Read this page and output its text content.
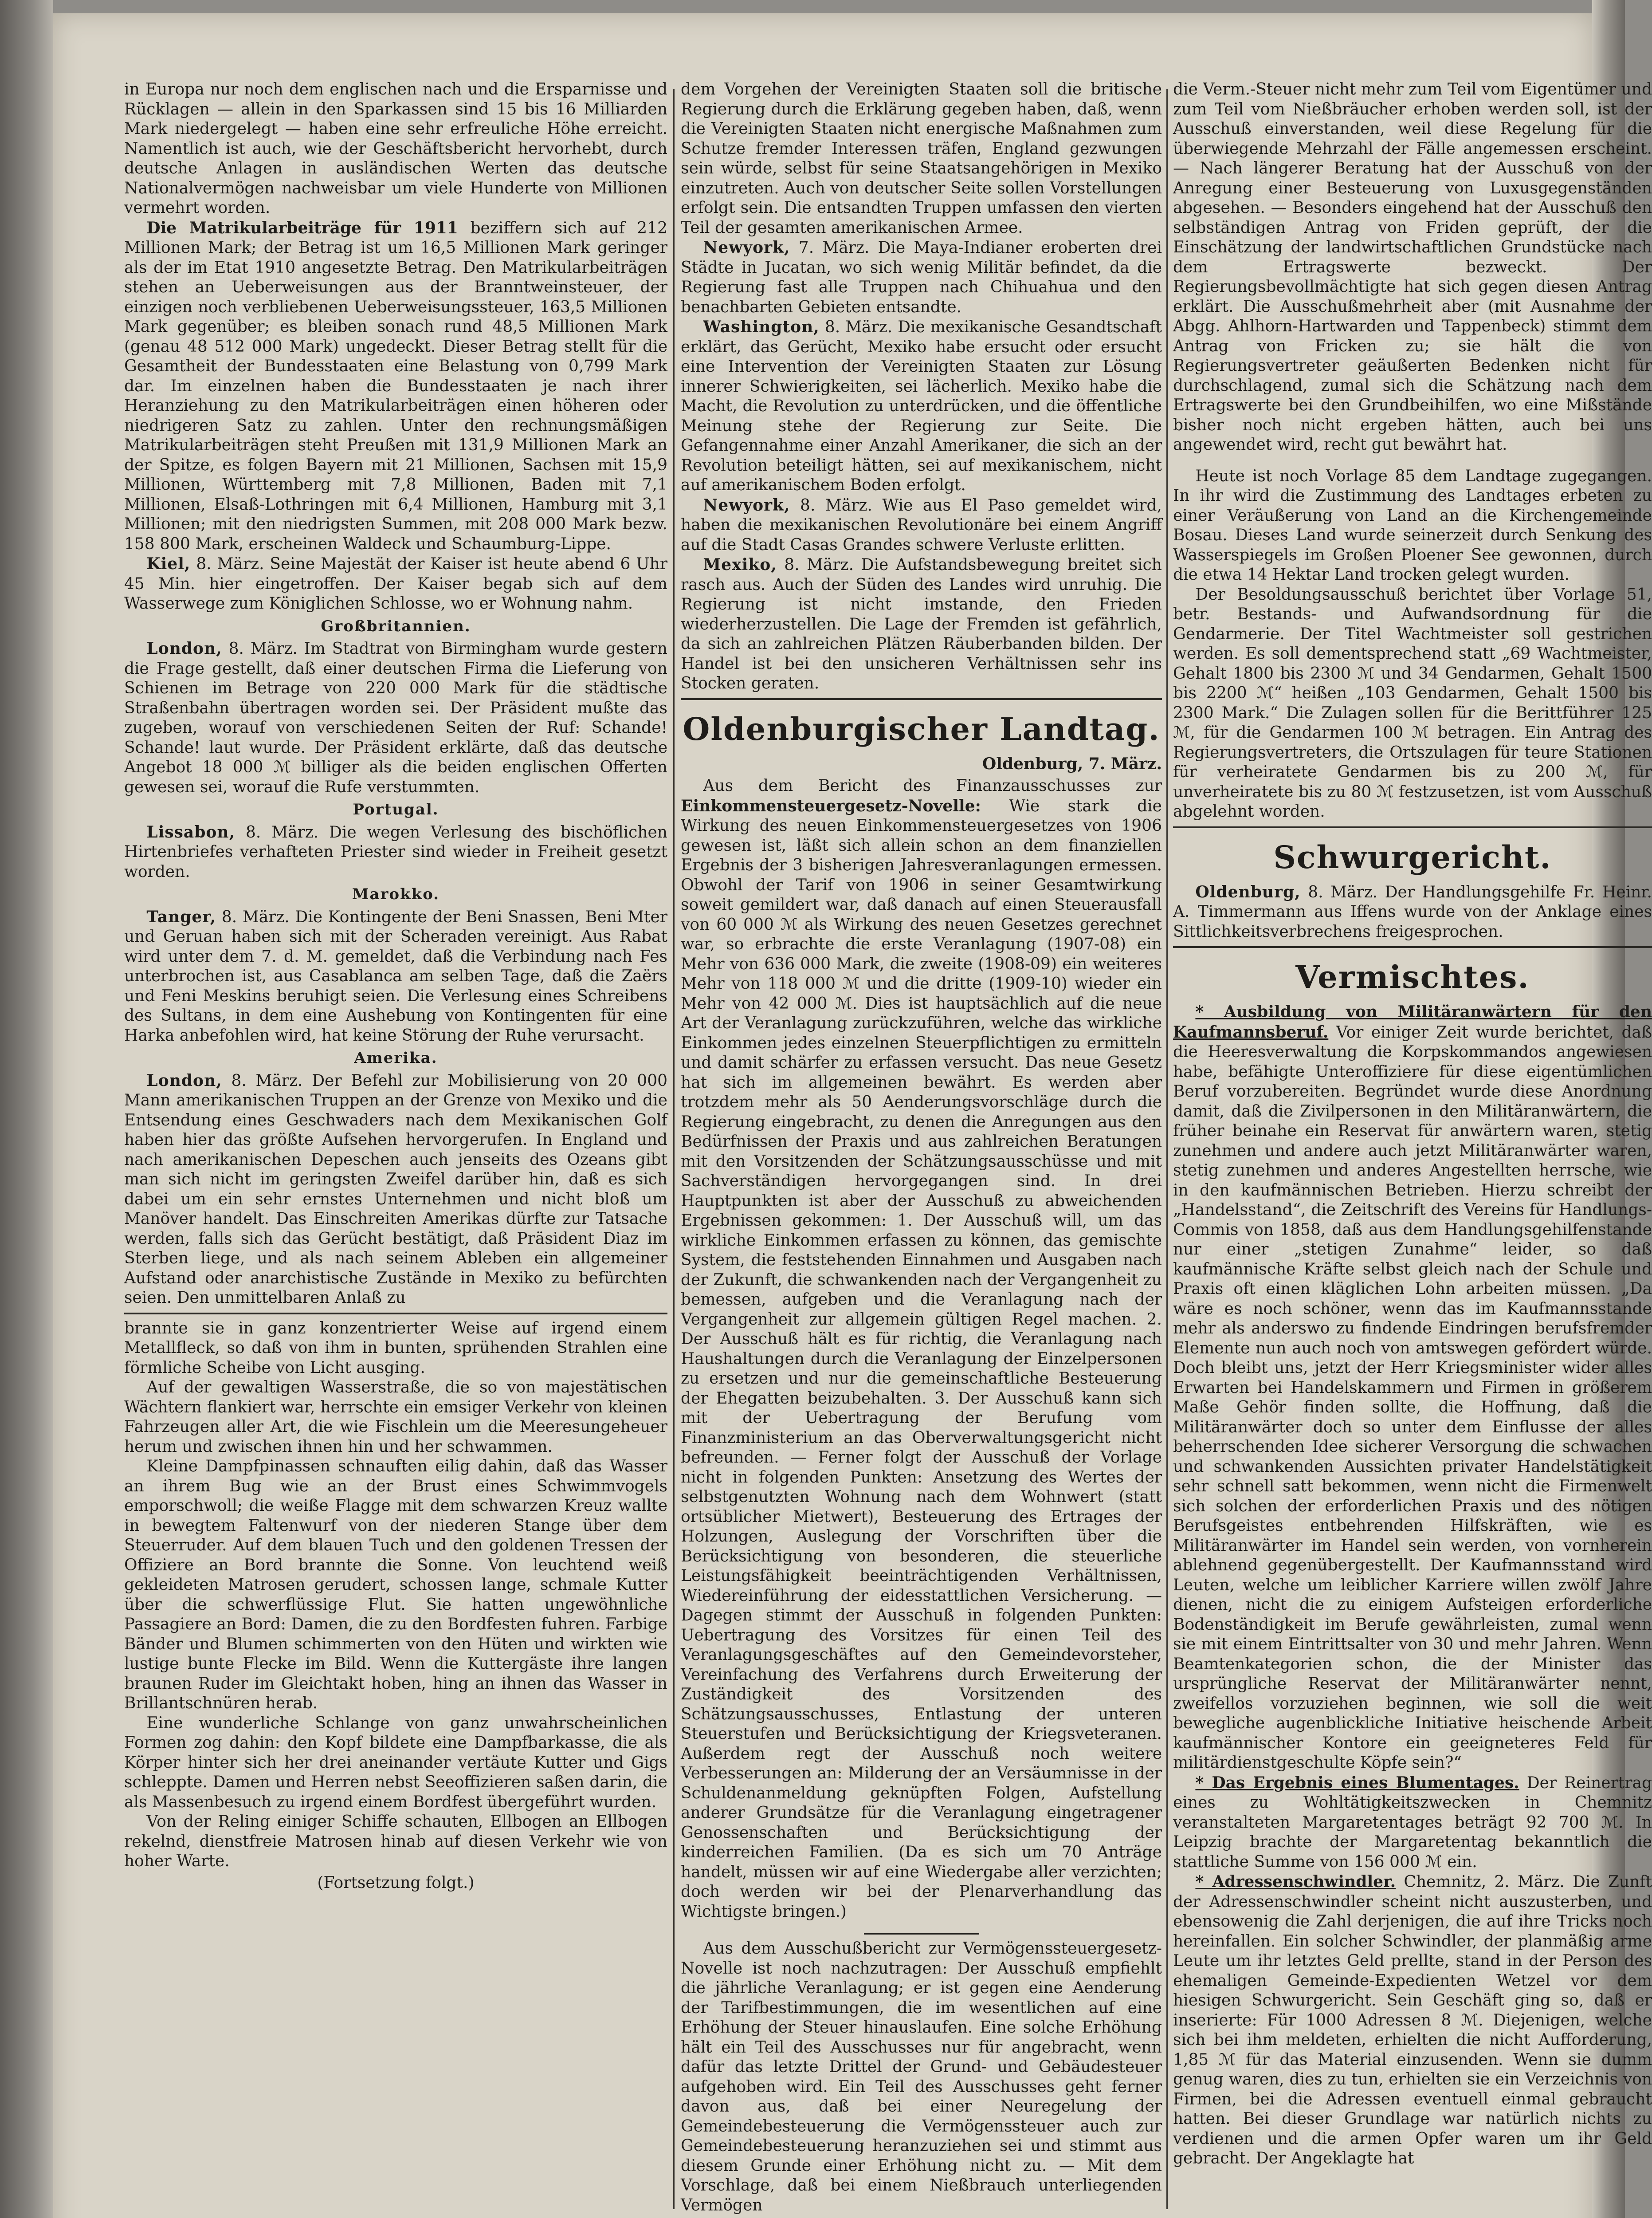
in Europa nur noch dem englischen nach und die Ersparnisse und Rücklagen — allein in den Sparkassen sind 15 bis 16 Milliarden Mark niedergelegt — haben eine sehr erfreuliche Höhe erreicht. Namentlich ist auch, wie der Geschäftsbericht hervorhebt, durch deutsche Anlagen in ausländischen Werten das deutsche Nationalvermögen nachweisbar um viele Hunderte von Millionen vermehrt worden.

Die Matrikularbeiträge für 1911 beziffern sich auf 212 Millionen Mark; der Betrag ist um 16,5 Millionen Mark geringer als der im Etat 1910 angesetzte Betrag. Den Matrikularbeiträgen stehen an Ueberweisungen aus der Branntweinsteuer, der einzigen noch verbliebenen Ueberweisungssteuer, 163,5 Millionen Mark gegenüber; es bleiben sonach rund 48,5 Millionen Mark (genau 48 512 000 Mark) ungedeckt. Dieser Betrag stellt für die Gesamtheit der Bundesstaaten eine Belastung von 0,799 Mark dar. Im einzelnen haben die Bundesstaaten je nach ihrer Heranziehung zu den Matrikularbeiträgen einen höheren oder niedrigeren Satz zu zahlen. Unter den rechnungsmäßigen Matrikularbeiträgen steht Preußen mit 131,9 Millionen Mark an der Spitze, es folgen Bayern mit 21 Millionen, Sachsen mit 15,9 Millionen, Württemberg mit 7,8 Millionen, Baden mit 7,1 Millionen, Elsaß-Lothringen mit 6,4 Millionen, Hamburg mit 3,1 Millionen; mit den niedrigsten Summen, mit 208 000 Mark bezw. 158 800 Mark, erscheinen Waldeck und Schaumburg-Lippe.

Kiel, 8. März. Seine Majestät der Kaiser ist heute abend 6 Uhr 45 Min. hier eingetroffen. Der Kaiser begab sich auf dem Wasserwege zum Königlichen Schlosse, wo er Wohnung nahm.

Großbritannien.

London, 8. März. Im Stadtrat von Birmingham wurde gestern die Frage gestellt, daß einer deutschen Firma die Lieferung von Schienen im Betrage von 220 000 Mark für die städtische Straßenbahn übertragen worden sei. Der Präsident mußte das zugeben, worauf von verschiedenen Seiten der Ruf: Schande! Schande! laut wurde. Der Präsident erklärte, daß das deutsche Angebot 18 000 ℳ billiger als die beiden englischen Offerten gewesen sei, worauf die Rufe verstummten.

Portugal.

Lissabon, 8. März. Die wegen Verlesung des bischöflichen Hirtenbriefes verhafteten Priester sind wieder in Freiheit gesetzt worden.

Marokko.

Tanger, 8. März. Die Kontingente der Beni Snassen, Beni Mter und Geruan haben sich mit der Scheraden vereinigt. Aus Rabat wird unter dem 7. d. M. gemeldet, daß die Verbindung nach Fes unterbrochen ist, aus Casablanca am selben Tage, daß die Zaërs und Feni Meskins beruhigt seien. Die Verlesung eines Schreibens des Sultans, in dem eine Aushebung von Kontingenten für eine Harka anbefohlen wird, hat keine Störung der Ruhe verursacht.

Amerika.

London, 8. März. Der Befehl zur Mobilisierung von 20 000 Mann amerikanischen Truppen an der Grenze von Mexiko und die Entsendung eines Geschwaders nach dem Mexikanischen Golf haben hier das größte Aufsehen hervorgerufen. In England und nach amerikanischen Depeschen auch jenseits des Ozeans gibt man sich nicht im geringsten Zweifel darüber hin, daß es sich dabei um ein sehr ernstes Unternehmen und nicht bloß um Manöver handelt. Das Einschreiten Amerikas dürfte zur Tatsache werden, falls sich das Gerücht bestätigt, daß Präsident Diaz im Sterben liege, und als nach seinem Ableben ein allgemeiner Aufstand oder anarchistische Zustände in Mexiko zu befürchten seien. Den unmittelbaren Anlaß zu

brannte sie in ganz konzentrierter Weise auf irgend einem Metallfleck, so daß von ihm in bunten, sprühenden Strahlen eine förmliche Scheibe von Licht ausging.

Auf der gewaltigen Wasserstraße, die so von majestätischen Wächtern flankiert war, herrschte ein emsiger Verkehr von kleinen Fahrzeugen aller Art, die wie Fischlein um die Meeresungeheuer herum und zwischen ihnen hin und her schwammen.

Kleine Dampfpinassen schnauften eilig dahin, daß das Wasser an ihrem Bug wie an der Brust eines Schwimmvogels emporschwoll; die weiße Flagge mit dem schwarzen Kreuz wallte in bewegtem Faltenwurf von der niederen Stange über dem Steuerruder. Auf dem blauen Tuch und den goldenen Tressen der Offiziere an Bord brannte die Sonne. Von leuchtend weiß gekleideten Matrosen gerudert, schossen lange, schmale Kutter über die schwerflüssige Flut. Sie hatten ungewöhnliche Passagiere an Bord: Damen, die zu den Bordfesten fuhren. Farbige Bänder und Blumen schimmerten von den Hüten und wirkten wie lustige bunte Flecke im Bild. Wenn die Kuttergäste ihre langen braunen Ruder im Gleichtakt hoben, hing an ihnen das Wasser in Brillantschnüren herab.

Eine wunderliche Schlange von ganz unwahrscheinlichen Formen zog dahin: den Kopf bildete eine Dampfbarkasse, die als Körper hinter sich her drei aneinander vertäute Kutter und Gigs schleppte. Damen und Herren nebst Seeoffizieren saßen darin, die als Massenbesuch zu irgend einem Bordfest übergeführt wurden.

Von der Reling einiger Schiffe schauten, Ellbogen an Ellbogen rekelnd, dienstfreie Matrosen hinab auf diesen Verkehr wie von hoher Warte.

(Fortsetzung folgt.)

dem Vorgehen der Vereinigten Staaten soll die britische Regierung durch die Erklärung gegeben haben, daß, wenn die Vereinigten Staaten nicht energische Maßnahmen zum Schutze fremder Interessen träfen, England gezwungen sein würde, selbst für seine Staatsangehörigen in Mexiko einzutreten. Auch von deutscher Seite sollen Vorstellungen erfolgt sein. Die entsandten Truppen umfassen den vierten Teil der gesamten amerikanischen Armee.

Newyork, 7. März. Die Maya-Indianer eroberten drei Städte in Jucatan, wo sich wenig Militär befindet, da die Regierung fast alle Truppen nach Chihuahua und den benachbarten Gebieten entsandte.

Washington, 8. März. Die mexikanische Gesandtschaft erklärt, das Gerücht, Mexiko habe ersucht oder ersucht eine Intervention der Vereinigten Staaten zur Lösung innerer Schwierigkeiten, sei lächerlich. Mexiko habe die Macht, die Revolution zu unterdrücken, und die öffentliche Meinung stehe der Regierung zur Seite. Die Gefangennahme einer Anzahl Amerikaner, die sich an der Revolution beteiligt hätten, sei auf mexikanischem, nicht auf amerikanischem Boden erfolgt.

Newyork, 8. März. Wie aus El Paso gemeldet wird, haben die mexikanischen Revolutionäre bei einem Angriff auf die Stadt Casas Grandes schwere Verluste erlitten.

Mexiko, 8. März. Die Aufstandsbewegung breitet sich rasch aus. Auch der Süden des Landes wird unruhig. Die Regierung ist nicht imstande, den Frieden wiederherzustellen. Die Lage der Fremden ist gefährlich, da sich an zahlreichen Plätzen Räuberbanden bilden. Der Handel ist bei den unsicheren Verhältnissen sehr ins Stocken geraten.

Oldenburgischer Landtag.

Oldenburg, 7. März.

Aus dem Bericht des Finanzausschusses zur Einkommensteuergesetz-Novelle: Wie stark die Wirkung des neuen Einkommensteuergesetzes von 1906 gewesen ist, läßt sich allein schon an dem finanziellen Ergebnis der 3 bisherigen Jahresveranlagungen ermessen. Obwohl der Tarif von 1906 in seiner Gesamtwirkung soweit gemildert war, daß danach auf einen Steuerausfall von 60 000 ℳ als Wirkung des neuen Gesetzes gerechnet war, so erbrachte die erste Veranlagung (1907-08) ein Mehr von 636 000 Mark, die zweite (1908-09) ein weiteres Mehr von 118 000 ℳ und die dritte (1909-10) wieder ein Mehr von 42 000 ℳ. Dies ist hauptsächlich auf die neue Art der Veranlagung zurückzuführen, welche das wirkliche Einkommen jedes einzelnen Steuerpflichtigen zu ermitteln und damit schärfer zu erfassen versucht. Das neue Gesetz hat sich im allgemeinen bewährt. Es werden aber trotzdem mehr als 50 Aenderungsvorschläge durch die Regierung eingebracht, zu denen die Anregungen aus den Bedürfnissen der Praxis und aus zahlreichen Beratungen mit den Vorsitzenden der Schätzungsausschüsse und mit Sachverständigen hervorgegangen sind. In drei Hauptpunkten ist aber der Ausschuß zu abweichenden Ergebnissen gekommen: 1. Der Ausschuß will, um das wirkliche Einkommen erfassen zu können, das gemischte System, die feststehenden Einnahmen und Ausgaben nach der Zukunft, die schwankenden nach der Vergangenheit zu bemessen, aufgeben und die Veranlagung nach der Vergangenheit zur allgemein gültigen Regel machen. 2. Der Ausschuß hält es für richtig, die Veranlagung nach Haushaltungen durch die Veranlagung der Einzelpersonen zu ersetzen und nur die gemeinschaftliche Besteuerung der Ehegatten beizubehalten. 3. Der Ausschuß kann sich mit der Uebertragung der Berufung vom Finanzministerium an das Oberverwaltungsgericht nicht befreunden. — Ferner folgt der Ausschuß der Vorlage nicht in folgenden Punkten: Ansetzung des Wertes der selbstgenutzten Wohnung nach dem Wohnwert (statt ortsüblicher Mietwert), Besteuerung des Ertrages der Holzungen, Auslegung der Vorschriften über die Berücksichtigung von besonderen, die steuerliche Leistungsfähigkeit beeinträchtigenden Verhältnissen, Wiedereinführung der eidesstattlichen Versicherung. — Dagegen stimmt der Ausschuß in folgenden Punkten: Uebertragung des Vorsitzes für einen Teil des Veranlagungsgeschäftes auf den Gemeindevorsteher, Vereinfachung des Verfahrens durch Erweiterung der Zuständigkeit des Vorsitzenden des Schätzungsausschusses, Entlastung der unteren Steuerstufen und Berücksichtigung der Kriegsveteranen. Außerdem regt der Ausschuß noch weitere Verbesserungen an: Milderung der an Versäumnisse in der Schuldenanmeldung geknüpften Folgen, Aufstellung anderer Grundsätze für die Veranlagung eingetragener Genossenschaften und Berücksichtigung der kinderreichen Familien. (Da es sich um 70 Anträge handelt, müssen wir auf eine Wiedergabe aller verzichten; doch werden wir bei der Plenarverhandlung das Wichtigste bringen.)

Aus dem Ausschußbericht zur Vermögenssteuergesetz-Novelle ist noch nachzutragen: Der Ausschuß empfiehlt die jährliche Veranlagung; er ist gegen eine Aenderung der Tarifbestimmungen, die im wesentlichen auf eine Erhöhung der Steuer hinauslaufen. Eine solche Erhöhung hält ein Teil des Ausschusses nur für angebracht, wenn dafür das letzte Drittel der Grund- und Gebäudesteuer aufgehoben wird. Ein Teil des Ausschusses geht ferner davon aus, daß bei einer Neuregelung der Gemeindebesteuerung die Vermögenssteuer auch zur Gemeindebesteuerung heranzuziehen sei und stimmt aus diesem Grunde einer Erhöhung nicht zu. — Mit dem Vorschlage, daß bei einem Nießbrauch unterliegenden Vermögen

die Verm.-Steuer nicht mehr zum Teil vom Eigentümer und zum Teil vom Nießbräucher erhoben werden soll, ist der Ausschuß einverstanden, weil diese Regelung für die überwiegende Mehrzahl der Fälle angemessen erscheint. — Nach längerer Beratung hat der Ausschuß von der Anregung einer Besteuerung von Luxusgegenständen abgesehen. — Besonders eingehend hat der Ausschuß den selbständigen Antrag von Friden geprüft, der die Einschätzung der landwirtschaftlichen Grundstücke nach dem Ertragswerte bezweckt. Der Regierungsbevollmächtigte hat sich gegen diesen Antrag erklärt. Die Ausschußmehrheit aber (mit Ausnahme der Abgg. Ahlhorn-Hartwarden und Tappenbeck) stimmt dem Antrag von Fricken zu; sie hält die von Regierungsvertreter geäußerten Bedenken nicht für durchschlagend, zumal sich die Schätzung nach dem Ertragswerte bei den Grundbeihilfen, wo eine Mißstände bisher noch nicht ergeben hätten, auch bei uns angewendet wird, recht gut bewährt hat.

Heute ist noch Vorlage 85 dem Landtage zugegangen. In ihr wird die Zustimmung des Landtages erbeten zu einer Veräußerung von Land an die Kirchengemeinde Bosau. Dieses Land wurde seinerzeit durch Senkung des Wasserspiegels im Großen Ploener See gewonnen, durch die etwa 14 Hektar Land trocken gelegt wurden.

Der Besoldungsausschuß berichtet über Vorlage 51, betr. Bestands- und Aufwandsordnung für die Gendarmerie. Der Titel Wachtmeister soll gestrichen werden. Es soll dementsprechend statt „69 Wachtmeister, Gehalt 1800 bis 2300 ℳ und 34 Gendarmen, Gehalt 1500 bis 2200 ℳ“ heißen „103 Gendarmen, Gehalt 1500 bis 2300 Mark.“ Die Zulagen sollen für die Berittführer 125 ℳ, für die Gendarmen 100 ℳ betragen. Ein Antrag des Regierungsvertreters, die Ortszulagen für teure Stationen für verheiratete Gendarmen bis zu 200 ℳ, für unverheiratete bis zu 80 ℳ festzusetzen, ist vom Ausschuß abgelehnt worden.

Schwurgericht.

Oldenburg, 8. März. Der Handlungsgehilfe Fr. Heinr. A. Timmermann aus Iffens wurde von der Anklage eines Sittlichkeitsverbrechens freigesprochen.

Vermischtes.

* Ausbildung von Militäranwärtern für den Kaufmannsberuf. Vor einiger Zeit wurde berichtet, daß die Heeresverwaltung die Korpskommandos angewiesen habe, befähigte Unteroffiziere für diese eigentümlichen Beruf vorzubereiten. Begründet wurde diese Anordnung damit, daß die Zivilpersonen in den Militäranwärtern, die früher beinahe ein Reservat für anwärtern waren, stetig zunehmen und andere auch jetzt Militäranwärter waren, stetig zunehmen und anderes Angestellten herrsche, wie in den kaufmännischen Betrieben. Hierzu schreibt der „Handelsstand“, die Zeitschrift des Vereins für Handlungs-Commis von 1858, daß aus dem Handlungsgehilfenstande nur einer „stetigen Zunahme“ leider, so daß kaufmännische Kräfte selbst gleich nach der Schule und Praxis oft einen kläglichen Lohn arbeiten müssen. „Da wäre es noch schöner, wenn das im Kaufmannsstande mehr als anderswo zu findende Eindringen berufsfremder Elemente nun auch noch von amtswegen gefördert würde. Doch bleibt uns, jetzt der Herr Kriegsminister wider alles Erwarten bei Handelskammern und Firmen in größerem Maße Gehör finden sollte, die Hoffnung, daß die Militäranwärter doch so unter dem Einflusse der alles beherrschenden Idee sicherer Versorgung die schwachen und schwankenden Aussichten privater Handelstätigkeit sehr schnell satt bekommen, wenn nicht die Firmenwelt sich solchen der erforderlichen Praxis und des nötigen Berufsgeistes entbehrenden Hilfskräften, wie es Militäranwärter im Handel sein werden, von vornherein ablehnend gegenübergestellt. Der Kaufmannsstand wird Leuten, welche um leiblicher Karriere willen zwölf Jahre dienen, nicht die zu einigem Aufsteigen erforderliche Bodenständigkeit im Berufe gewährleisten, zumal wenn sie mit einem Eintrittsalter von 30 und mehr Jahren. Wenn Beamtenkategorien schon, die der Minister das ursprüngliche Reservat der Militäranwärter nennt, zweifellos vorzuziehen beginnen, wie soll die weit bewegliche augenblickliche Initiative heischende Arbeit kaufmännischer Kontore ein geeigneteres Feld für militärdienstgeschulte Köpfe sein?“

* Das Ergebnis eines Blumentages. Der Reinertrag eines zu Wohltätigkeitszwecken in Chemnitz veranstalteten Margaretentages beträgt 92 700 ℳ. In Leipzig brachte der Margaretentag bekanntlich die stattliche Summe von 156 000 ℳ ein.

* Adressenschwindler. Chemnitz, 2. März. Die Zunft der Adressenschwindler scheint nicht auszusterben, und ebensowenig die Zahl derjenigen, die auf ihre Tricks noch hereinfallen. Ein solcher Schwindler, der planmäßig arme Leute um ihr letztes Geld prellte, stand in der Person des ehemaligen Gemeinde-Expedienten Wetzel vor dem hiesigen Schwurgericht. Sein Geschäft ging so, daß er inserierte: Für 1000 Adressen 8 ℳ. Diejenigen, welche sich bei ihm meldeten, erhielten die nicht Aufforderung, 1,85 ℳ für das Material einzusenden. Wenn sie dumm genug waren, dies zu tun, erhielten sie ein Verzeichnis von Firmen, bei die Adressen eventuell einmal gebraucht hatten. Bei dieser Grundlage war natürlich nichts zu verdienen und die armen Opfer waren um ihr Geld gebracht. Der Angeklagte hat
